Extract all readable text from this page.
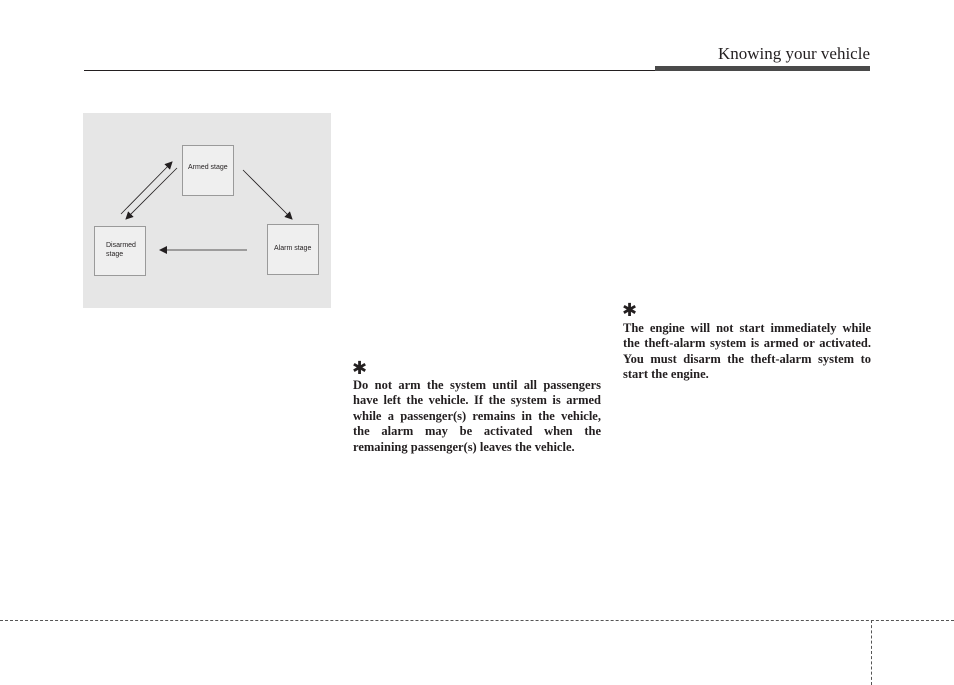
Knowing your vehicle
Armed stage
Disarmed
stage
Alarm stage
✱

Do not arm the system until all passengers have left the vehicle. If the system is armed while a passenger(s) remains in the vehicle, the alarm may be activated when the remaining passenger(s) leaves the vehicle.

✱

The engine will not start immediately while the theft-alarm system is armed or activated. You must disarm the theft-alarm system to start the engine.
